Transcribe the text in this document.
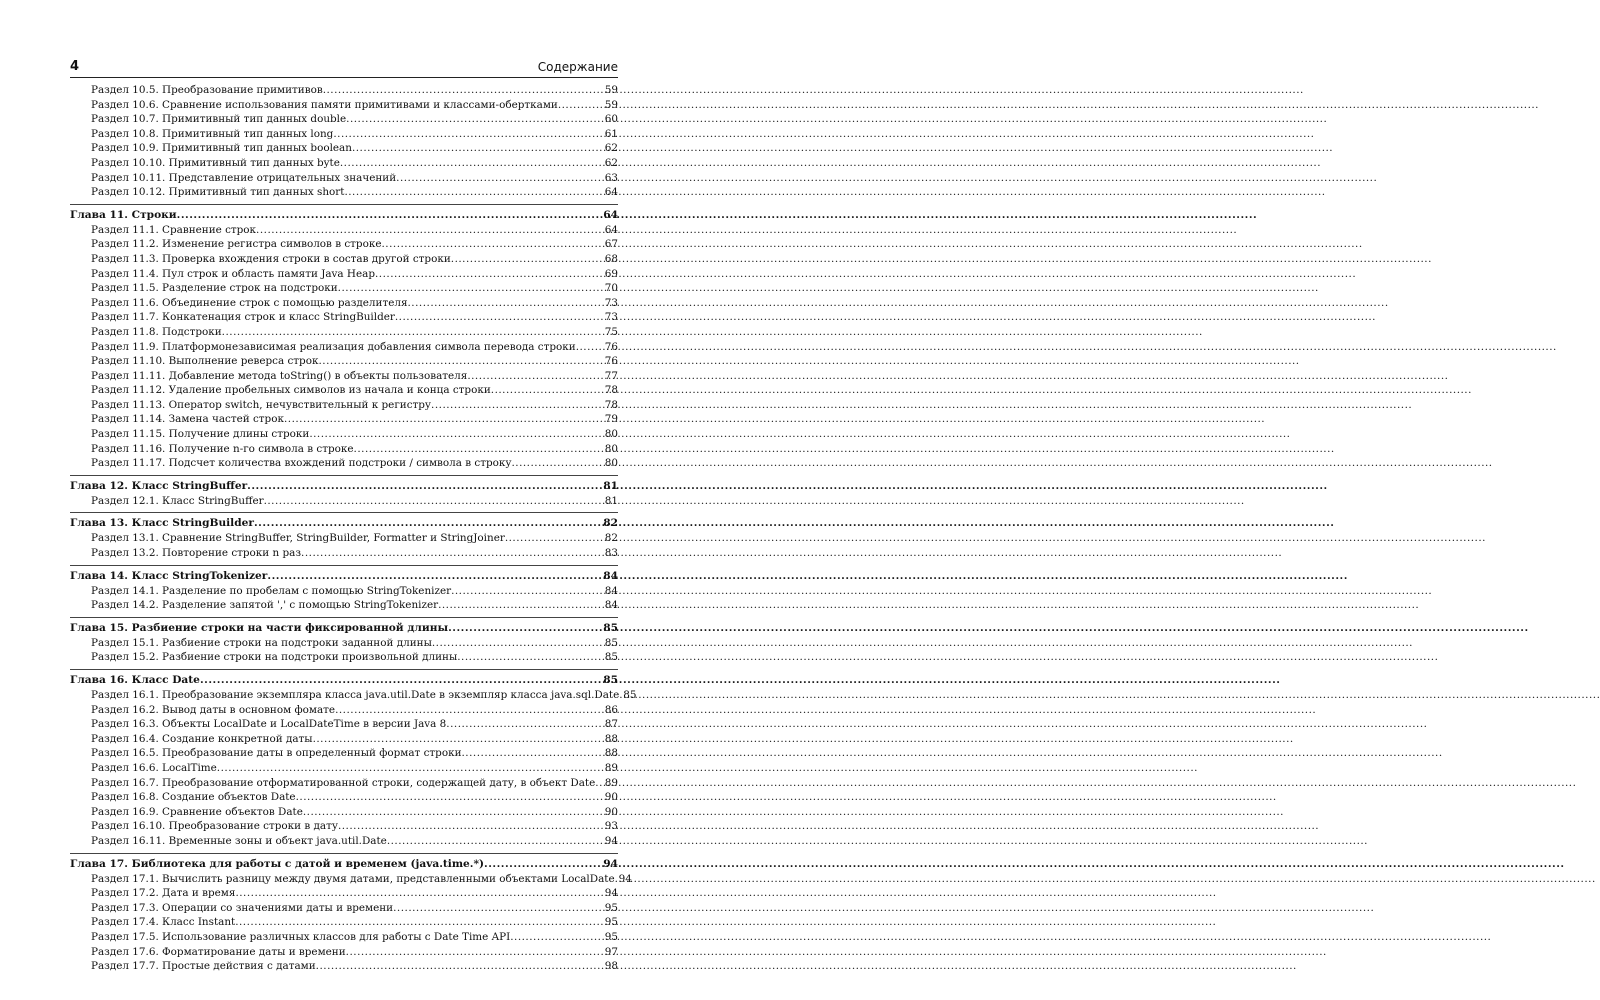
4	Содержание
Раздел 10.5. Преобразование примитивов .....	59
Раздел 10.6. Сравнение использования памяти примитивами и классами-обертками .....	59
Раздел 10.7. Примитивный тип данных double .....	60
Раздел 10.8. Примитивный тип данных long .....	61
Раздел 10.9. Примитивный тип данных boolean .....	62
Раздел 10.10. Примитивный тип данных byte .....	62
Раздел 10.11. Представление отрицательных значений .....	63
Раздел 10.12. Примитивный тип данных short .....	64
Глава 11. Строки .....	64
Раздел 11.1. Сравнение строк .....	64
Раздел 11.2. Изменение регистра символов в строке .....	67
Раздел 11.3. Проверка вхождения строки в состав другой строки .....	68
Раздел 11.4. Пул строк и область памяти Java Heap .....	69
Раздел 11.5. Разделение строк на подстроки .....	70
Раздел 11.6. Объединение строк с помощью разделителя .....	73
Раздел 11.7. Конкатенация строк и класс StringBuilder .....	73
Раздел 11.8. Подстроки .....	75
Раздел 11.9. Платформонезависимая реализация добавления символа перевода строки .....	76
Раздел 11.10. Выполнение реверса строк .....	76
Раздел 11.11. Добавление метода toString() в объекты пользователя .....	77
Раздел 11.12. Удаление пробельных символов из начала и конца строки .....	78
Раздел 11.13. Оператор switch, нечувствительный к регистру .....	78
Раздел 11.14. Замена частей строк .....	79
Раздел 11.15. Получение длины строки .....	80
Раздел 11.16. Получение n-го символа в строке .....	80
Раздел 11.17. Подсчет количества вхождений подстроки / символа в строку .....	80
Глава 12. Класс StringBuffer .....	81
Раздел 12.1. Класс StringBuffer .....	81
Глава 13. Класс StringBuilder .....	82
Раздел 13.1. Сравнение StringBuffer, StringBuilder, Formatter и StringJoiner .....	82
Раздел 13.2. Повторение строки n раз .....	83
Глава 14. Класс StringTokenizer .....	84
Раздел 14.1. Разделение по пробелам с помощью StringTokenizer .....	84
Раздел 14.2. Разделение запятой ',' с помощью StringTokenizer .....	84
Глава 15. Разбиение строки на части фиксированной длины .....	85
Раздел 15.1. Разбиение строки на подстроки заданной длины .....	85
Раздел 15.2. Разбиение строки на подстроки произвольной длины .....	85
Глава 16. Класс Date .....	85
Раздел 16.1. Преобразование экземпляра класса java.util.Date в экземпляр класса java.sql.Date ..... 85
Раздел 16.2. Вывод даты в основном фомате .....	86
Раздел 16.3. Объекты LocalDate и LocalDateTime в версии Java 8 .....	87
Раздел 16.4. Создание конкретной даты .....	88
Раздел 16.5. Преобразование даты в определенный формат строки .....	88
Раздел 16.6. LocalTime .....	89
Раздел 16.7. Преобразование отформатированной строки, содержащей дату, в объект Date ..... 89
Раздел 16.8. Создание объектов Date .....	90
Раздел 16.9. Сравнение объектов Date .....	90
Раздел 16.10. Преобразование строки в дату .....	93
Раздел 16.11. Временные зоны и объект java.util.Date .....	94
Глава 17. Библиотека для работы с датой и временем (java.time.*) .....	94
Раздел 17.1. Вычислить разницу между двумя датами, представленными объектами LocalDate ..... 94
Раздел 17.2. Дата и время .....	94
Раздел 17.3. Операции со значениями даты и времени .....	95
Раздел 17.4. Класс Instant .....	95
Раздел 17.5. Использование различных классов для работы с Date Time API .....	95
Раздел 17.6. Форматирование даты и времени .....	97
Раздел 17.7. Простые действия с датами .....	98
